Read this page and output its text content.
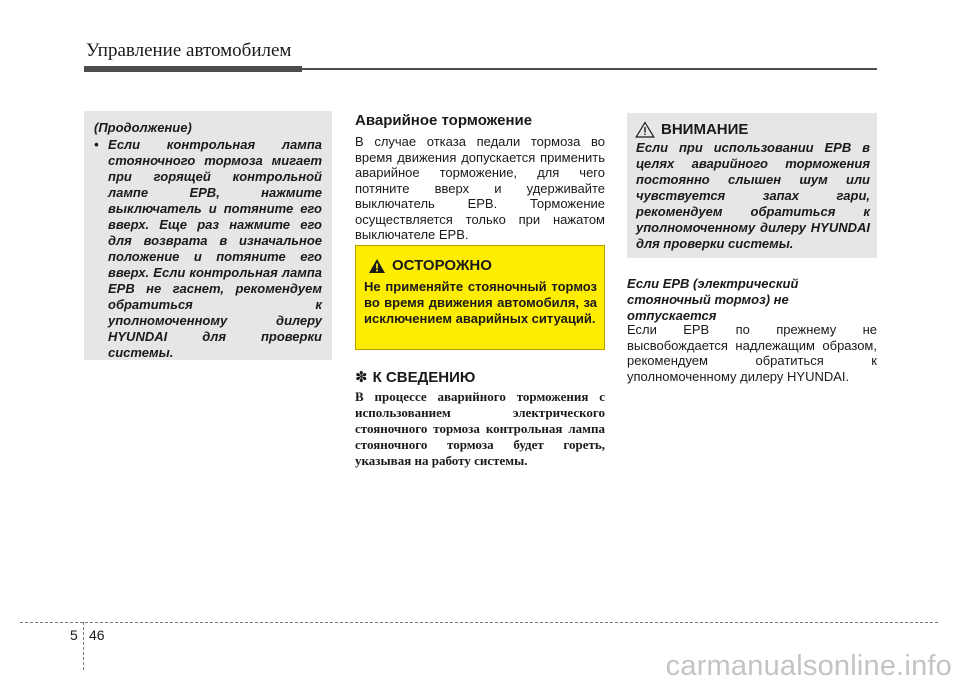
Управление автомобилем
(Продолжение)
• Если контрольная лампа стояночного тормоза мигает при горящей контрольной лампе EPB, нажмите выключатель и потяните его вверх. Еще раз нажмите его для возврата в изначальное положение и потяните его вверх. Если контрольная лампа EPB не гаснет, рекомендуем обратиться к уполномоченному дилеру HYUNDAI для проверки системы.
Аварийное торможение

В случае отказа педали тормоза во время движения допускается применить аварийное торможение, для чего потяните вверх и удерживайте выключатель EPB. Торможение осуществляется только при нажатом выключателе EPB.

ОСТОРОЖНО

Не применяйте стояночный тормоз во время движения автомобиля, за исключением аварийных ситуаций.

✽ К СВЕДЕНИЮ
В процессе аварийного торможения с использованием электрического стояночного тормоза контрольная лампа стояночного тормоза будет гореть, указывая на работу системы.
ВНИМАНИЕ
Если при использовании EPB в целях аварийного торможения постоянно слышен шум или чувствуется запах гари, рекомендуем обратиться к уполномоченному дилеру HYUNDAI для проверки системы.
Если EPB (электрический стояночный тормоз) не отпускается

Если EPB по прежнему не высвобождается надлежащим образом, рекомендуем обратиться к уполномоченному дилеру HYUNDAI.

5 46
carmanualsonline.info
